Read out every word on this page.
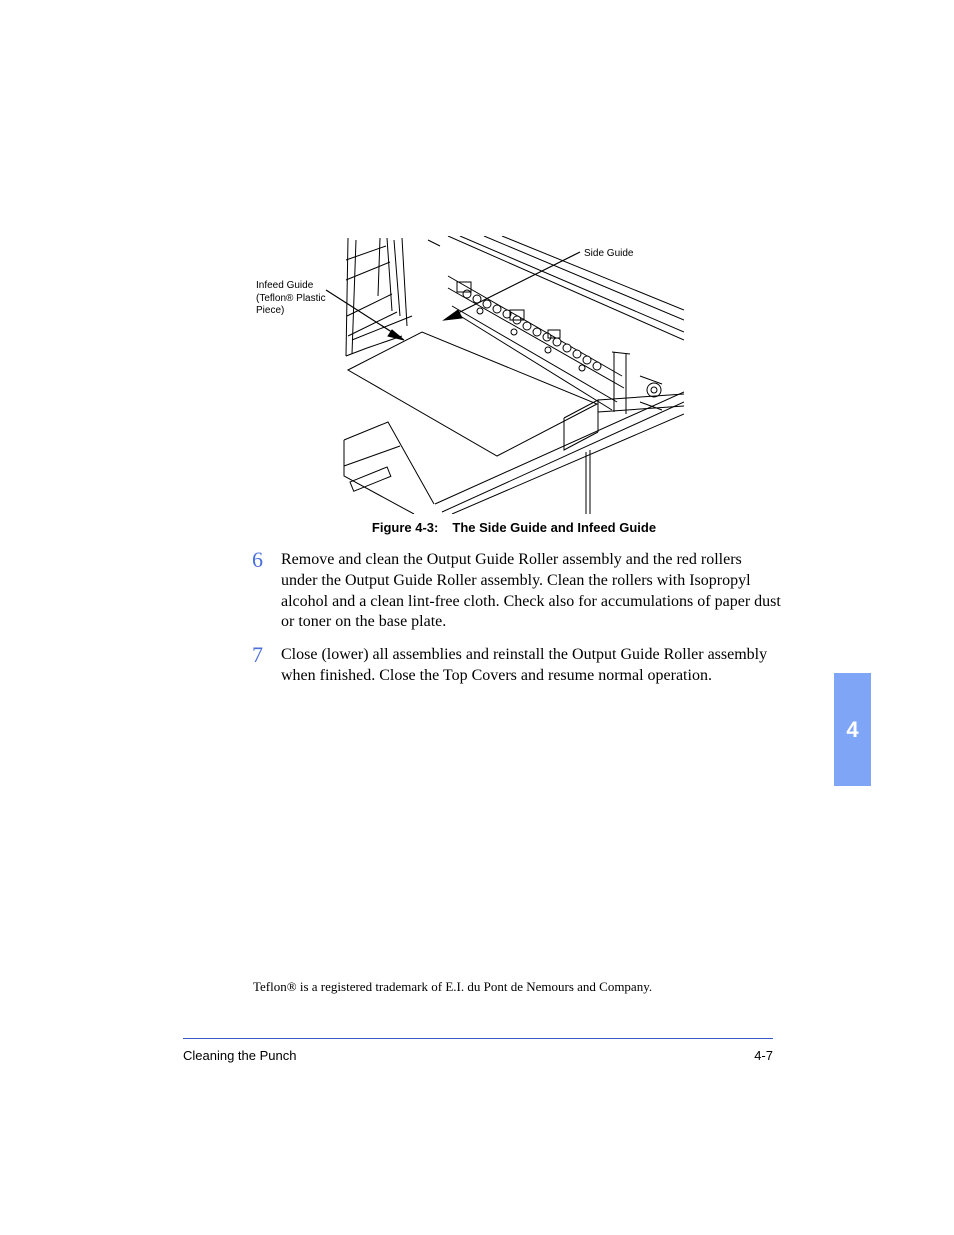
Infeed Guide (Teflon® Plastic Piece)
Side Guide
Figure 4-3: The Side Guide and Infeed Guide
6 Remove and clean the Output Guide Roller assembly and the red rollers under the Output Guide Roller assembly. Clean the rollers with Isopropyl alcohol and a clean lint-free cloth. Check also for accumulations of paper dust or toner on the base plate.
7 Close (lower) all assemblies and reinstall the Output Guide Roller assembly when finished. Close the Top Covers and resume normal operation.
Teflon® is a registered trademark of E.I. du Pont de Nemours and Company.
Cleaning the Punch	4-7
4
